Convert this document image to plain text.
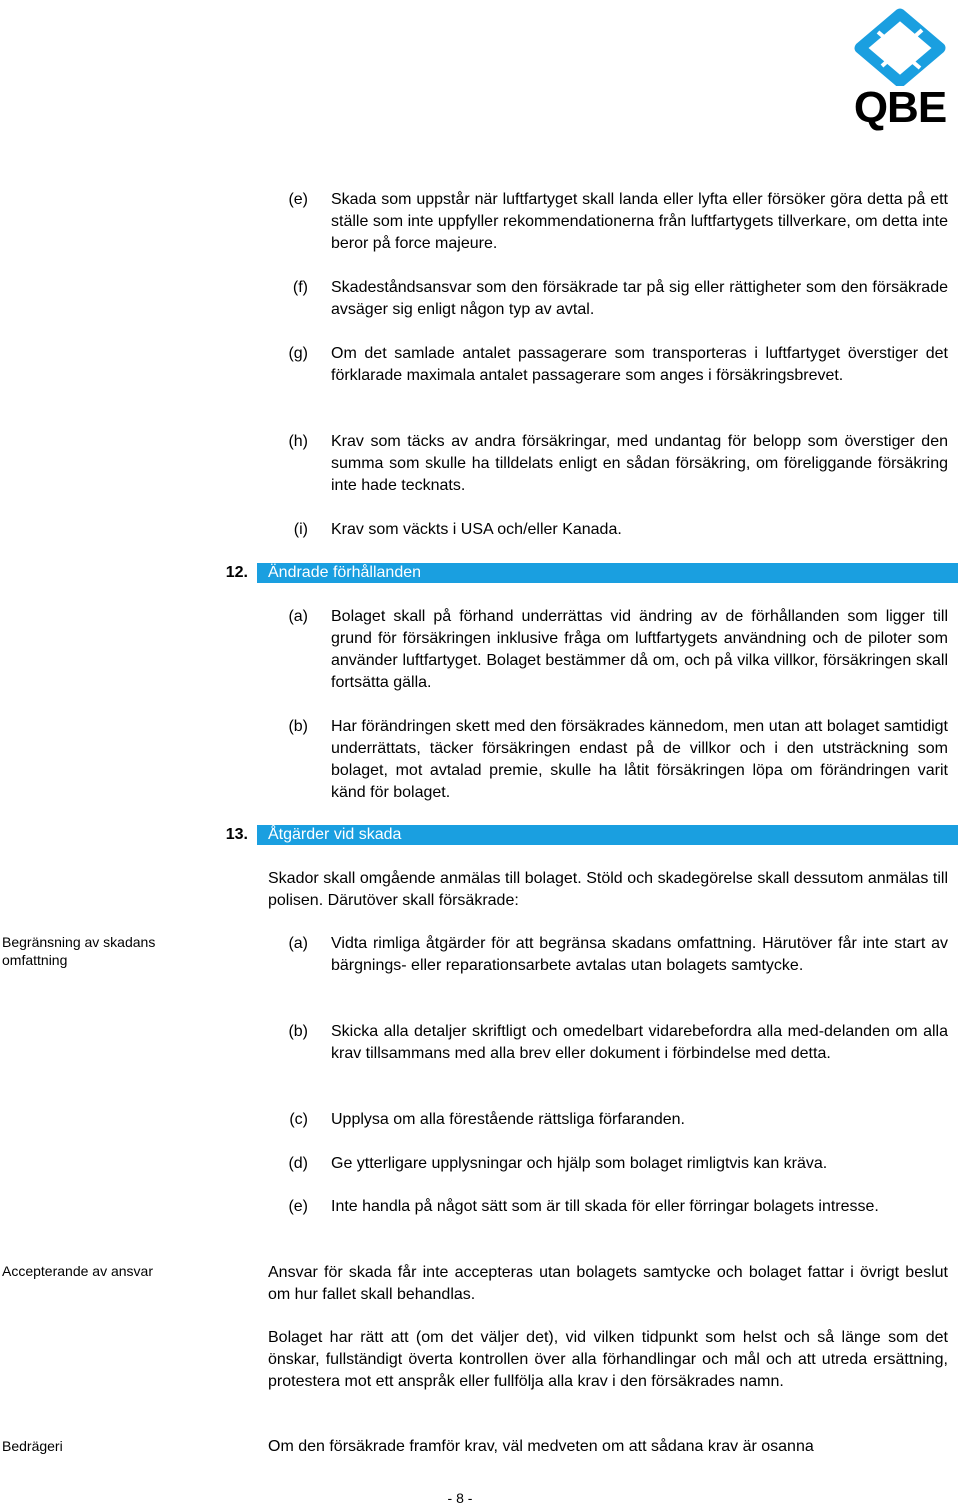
QBE
(e) Skada som uppstår när luftfartyget skall landa eller lyfta eller försöker göra detta på ett ställe som inte uppfyller rekommendationerna från luftfartygets tillverkare, om detta inte beror på force majeure.
(f) Skadeståndsansvar som den försäkrade tar på sig eller rättigheter som den försäkrade avsäger sig enligt någon typ av avtal.
(g) Om det samlade antalet passagerare som transporteras i luftfartyget överstiger det förklarade maximala antalet passagerare som anges i försäkringsbrevet.
(h) Krav som täcks av andra försäkringar, med undantag för belopp som överstiger den summa som skulle ha tilldelats enligt en sådan försäkring, om föreliggande försäkring inte hade tecknats.
(i) Krav som väckts i USA och/eller Kanada.
12.	Ändrade förhållanden
(a) Bolaget skall på förhand underrättas vid ändring av de förhållanden som ligger till grund för försäkringen inklusive fråga om luftfartygets användning och de piloter som använder luftfartyget. Bolaget bestämmer då om, och på vilka villkor, försäkringen skall fortsätta gälla.
(b) Har förändringen skett med den försäkrades kännedom, men utan att bolaget samtidigt underrättats, täcker försäkringen endast på de villkor och i den utsträckning som bolaget, mot avtalad premie, skulle ha låtit försäkringen löpa om förändringen varit känd för bolaget.
13.	Åtgärder vid skada
Skador skall omgående anmälas till bolaget. Stöld och skadegörelse skall dessutom anmälas till polisen. Därutöver skall försäkrade:
Begränsning av skadans omfattning
(a) Vidta rimliga åtgärder för att begränsa skadans omfattning. Härutöver får inte start av bärgnings- eller reparationsarbete avtalas utan bolagets samtycke.
(b) Skicka alla detaljer skriftligt och omedelbart vidarebefordra alla med-delanden om alla krav tillsammans med alla brev eller dokument i förbindelse med detta.
(c) Upplysa om alla förestående rättsliga förfaranden.
(d) Ge ytterligare upplysningar och hjälp som bolaget rimligtvis kan kräva.
(e) Inte handla på något sätt som är till skada för eller förringar bolagets intresse.
Accepterande av ansvar	Ansvar för skada får inte accepteras utan bolagets samtycke och bolaget fattar i övrigt beslut om hur fallet skall behandlas.
Bolaget har rätt att (om det väljer det), vid vilken tidpunkt som helst och så länge som det önskar, fullständigt överta kontrollen över alla förhandlingar och mål och att utreda ersättning, protestera mot ett anspråk eller fullfölja alla krav i den försäkrades namn.
Bedrägeri	Om den försäkrade framför krav, väl medveten om att sådana krav är osanna
- 8 -
